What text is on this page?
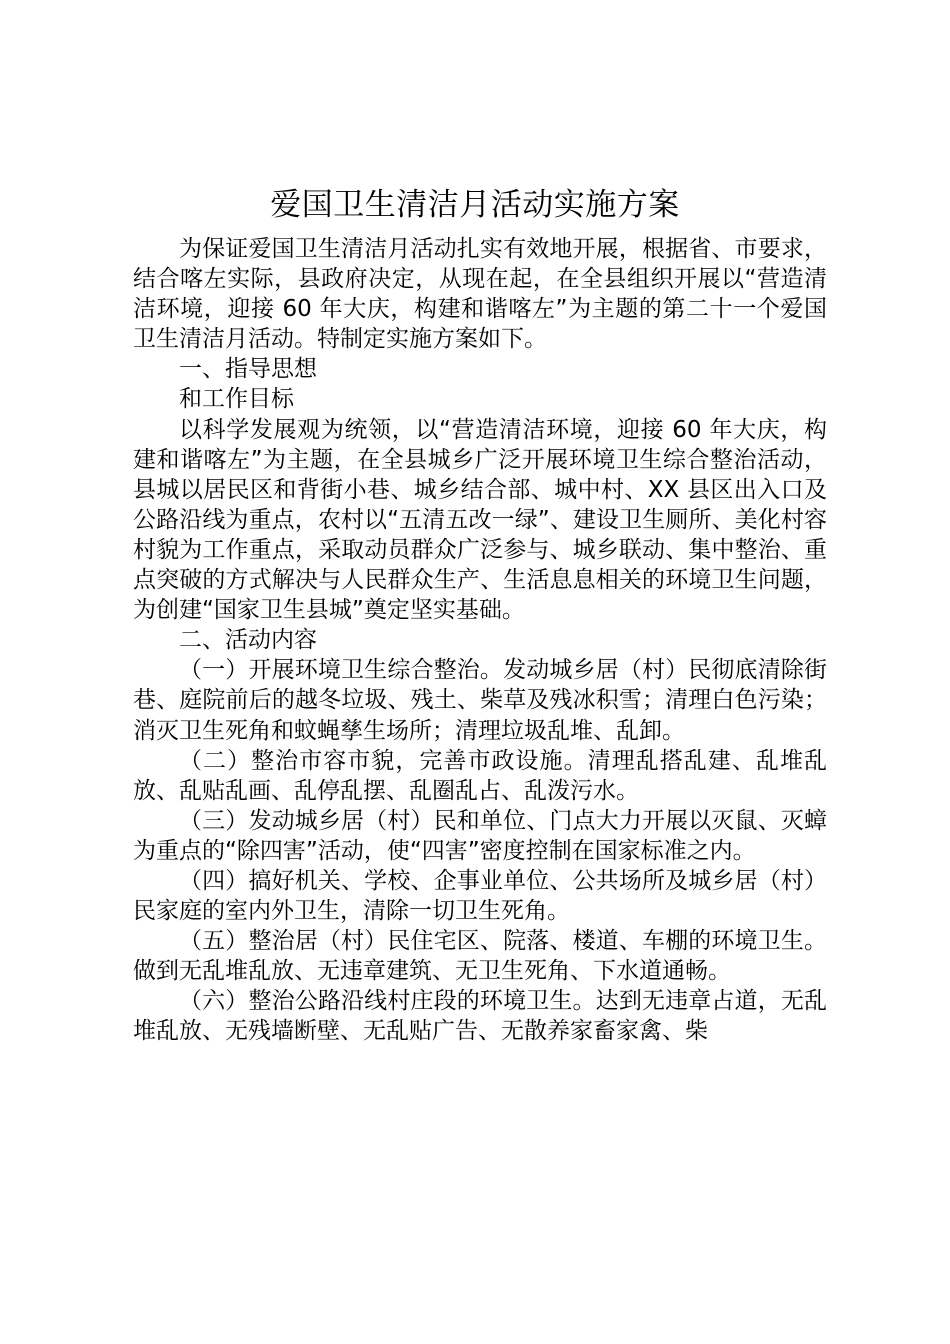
爱国卫生清洁月活动实施方案

为保证爱国卫生清洁月活动扎实有效地开展，根据省、市要求，结合喀左实际，县政府决定，从现在起，在全县组织开展以“营造清洁环境，迎接 60 年大庆，构建和谐喀左”为主题的第二十一个爱国卫生清洁月活动。特制定实施方案如下。

一、指导思想

和工作目标

以科学发展观为统领，以“营造清洁环境，迎接 60 年大庆，构建和谐喀左”为主题，在全县城乡广泛开展环境卫生综合整治活动，县城以居民区和背街小巷、城乡结合部、城中村、XX 县区出入口及公路沿线为重点，农村以“五清五改一绿”、建设卫生厕所、美化村容村貌为工作重点，采取动员群众广泛参与、城乡联动、集中整治、重点突破的方式解决与人民群众生产、生活息息相关的环境卫生问题，为创建“国家卫生县城”奠定坚实基础。

二、活动内容

（一）开展环境卫生综合整治。发动城乡居（村）民彻底清除街巷、庭院前后的越冬垃圾、残土、柴草及残冰积雪；清理白色污染；消灭卫生死角和蚊蝇孳生场所；清理垃圾乱堆、乱卸。

（二）整治市容市貌，完善市政设施。清理乱搭乱建、乱堆乱放、乱贴乱画、乱停乱摆、乱圈乱占、乱泼污水。

（三）发动城乡居（村）民和单位、门点大力开展以灭鼠、灭蟑为重点的“除四害”活动，使“四害”密度控制在国家标准之内。

（四）搞好机关、学校、企事业单位、公共场所及城乡居（村）民家庭的室内外卫生，清除一切卫生死角。

（五）整治居（村）民住宅区、院落、楼道、车棚的环境卫生。做到无乱堆乱放、无违章建筑、无卫生死角、下水道通畅。

（六）整治公路沿线村庄段的环境卫生。达到无违章占道，无乱堆乱放、无残墙断壁、无乱贴广告、无散养家畜家禽、柴
